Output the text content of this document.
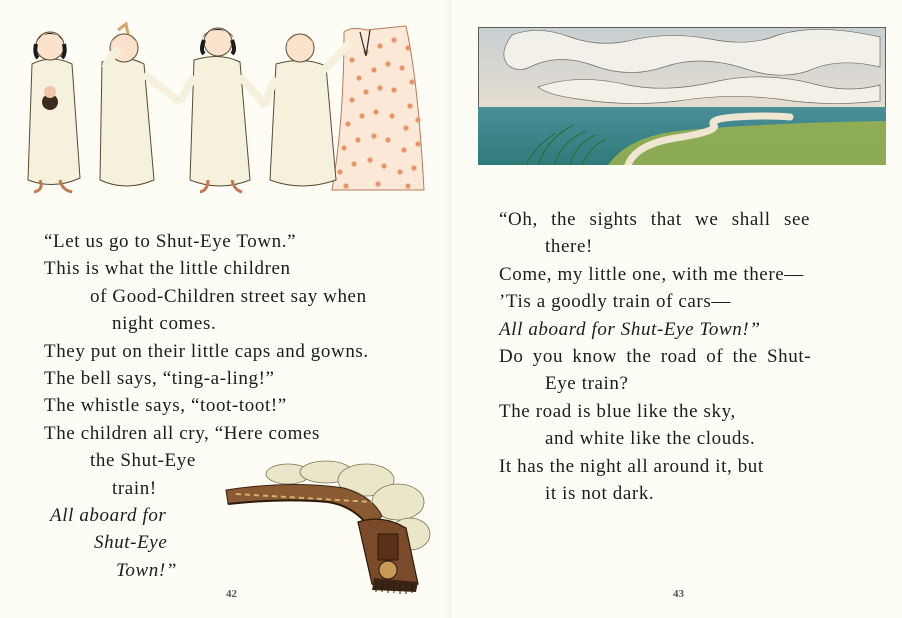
“Let us go to Shut-Eye Town.”
This is what the little children
of Good-Children street say when
night comes.
They put on their little caps and gowns.
The bell says, “ting-a-ling!”
The whistle says, “toot-toot!”
The children all cry, “Here comes
the Shut-Eye
train!
All aboard for
Shut-Eye
Town!”
42
“Oh, the sights that we shall see
there!
Come, my little one, with me there—
’Tis a goodly train of cars—
All aboard for Shut-Eye Town!”
Do you know the road of the Shut-
Eye train?
The road is blue like the sky,
and white like the clouds.
It has the night all around it, but
it is not dark.
43
